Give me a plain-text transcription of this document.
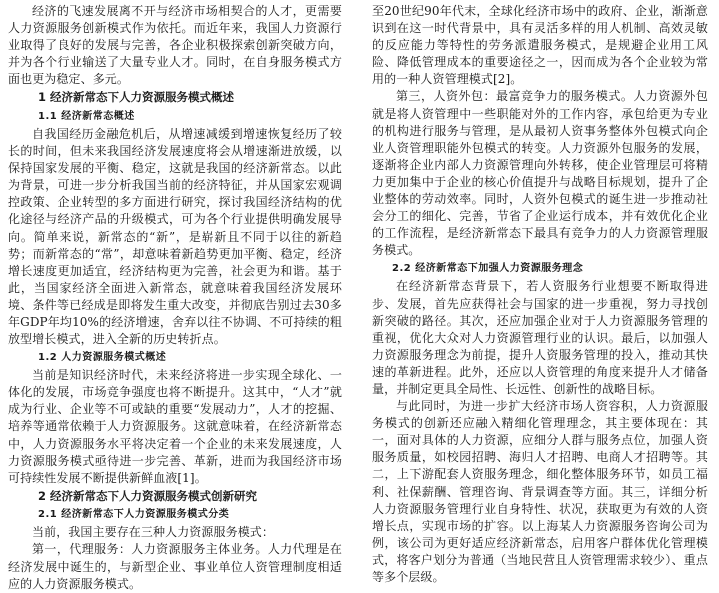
经济的飞速发展离不开与经济市场相契合的人才，更需要人力资源服务创新模式作为依托。而近年来，我国人力资源行业取得了良好的发展与完善，各企业积极探索创新突破方向，并为各个行业输送了大量专业人才。同时，在自身服务模式方面也更为稳定、多元。

1 经济新常态下人力资源服务模式概述
1.1 经济新常态概述

自我国经历金融危机后，从增速减缓到增速恢复经历了较长的时间，但未来我国经济发展速度将会从增速渐进放缓，以保持国家发展的平衡、稳定，这就是我国的经济新常态。以此为背景，可进一步分析我国当前的经济特征，并从国家宏观调控政策、企业转型的多方面进行研究，探讨我国经济结构的优化途径与经济产品的升级模式，可为各个行业提供明确发展导向。简单来说，新常态的“新”，是崭新且不同于以往的新趋势；而新常态的“常”，却意味着新趋势更加平衡、稳定，经济增长速度更加适宜，经济结构更为完善，社会更为和谐。基于此，当国家经济全面进入新常态，就意味着我国经济发展环境、条件等已经成是即将发生重大改变，并彻底告别过去30多年GDP年均10%的经济增速，舍弃以往不协调、不可持续的粗放型增长模式，进入全新的历史转折点。

1.2 人力资源服务模式概述

当前是知识经济时代，未来经济将进一步实现全球化、一体化的发展，市场竞争强度也将不断提升。这其中，“人才”就成为行业、企业等不可或缺的重要“发展动力”，人才的挖掘、培养等通常依赖于人力资源服务。这就意味着，在经济新常态中，人力资源服务水平将决定着一个企业的未来发展速度，人力资源服务模式亟待进一步完善、革新，进而为我国经济市场可持续性发展不断提供新鲜血液[1]。

2 经济新常态下人力资源服务模式创新研究
2.1 经济新常态下人力资源服务模式分类

当前，我国主要存在三种人力资源服务模式：

第一，代理服务：人力资源服务主体业务。人力代理是在经济发展中诞生的，与新型企业、事业单位人资管理制度相适应的人力资源服务模式。

至20世纪90年代末，全球化经济市场中的政府、企业，渐渐意识到在这一时代背景中，具有灵活多样的用人机制、高效灵敏的反应能力等特性的劳务派遣服务模式，是规避企业用工风险、降低管理成本的重要途径之一，因而成为各个企业较为常用的一种人资管理模式[2]。

第三，人资外包：最富竞争力的服务模式。人力资源外包就是将人资管理中一些职能对外的工作内容，承包给更为专业的机构进行服务与管理，是从最初人资事务整体外包模式向企业人资管理职能外包模式的转变。人力资源外包服务的发展，逐渐将企业内部人力资源管理向外转移，使企业管理层可将精力更加集中于企业的核心价值提升与战略目标规划，提升了企业整体的劳动效率。同时，人资外包模式的诞生进一步推动社会分工的细化、完善，节省了企业运行成本，并有效优化企业的工作流程，是经济新常态下最具有竞争力的人力资源管理服务模式。

2.2 经济新常态下加强人力资源服务理念

在经济新常态背景下，若人资服务行业想要不断取得进步、发展，首先应获得社会与国家的进一步重视，努力寻找创新突破的路径。其次，还应加强企业对于人力资源服务管理的重视，优化大众对人力资源管理行业的认识。最后，以加强人力资源服务理念为前提，提升人资服务管理的投入，推动其快速的革新进程。此外，还应以人资管理的角度来提升人才储备量，并制定更具全局性、长远性、创新性的战略目标。

与此同时，为进一步扩大经济市场人资容积，人力资源服务模式的创新还应融入精细化管理理念，其主要体现在：其一，面对具体的人力资源，应细分人群与服务点位，加强人资服务质量，如校园招聘、海归人才招聘、电商人才招聘等。其二，上下游配套人资服务理念，细化整体服务环节，如员工福利、社保薪酬、管理咨询、背景调查等方面。其三，详细分析人力资源服务管理行业自身特性、状况，获取更为有效的人资增长点，实现市场的扩容。以上海某人力资源服务咨询公司为例，该公司为更好适应经济新常态，启用客户群体优化管理模式，将客户划分为普通（当地民营且人资管理需求较少）、重点等多个层级。
